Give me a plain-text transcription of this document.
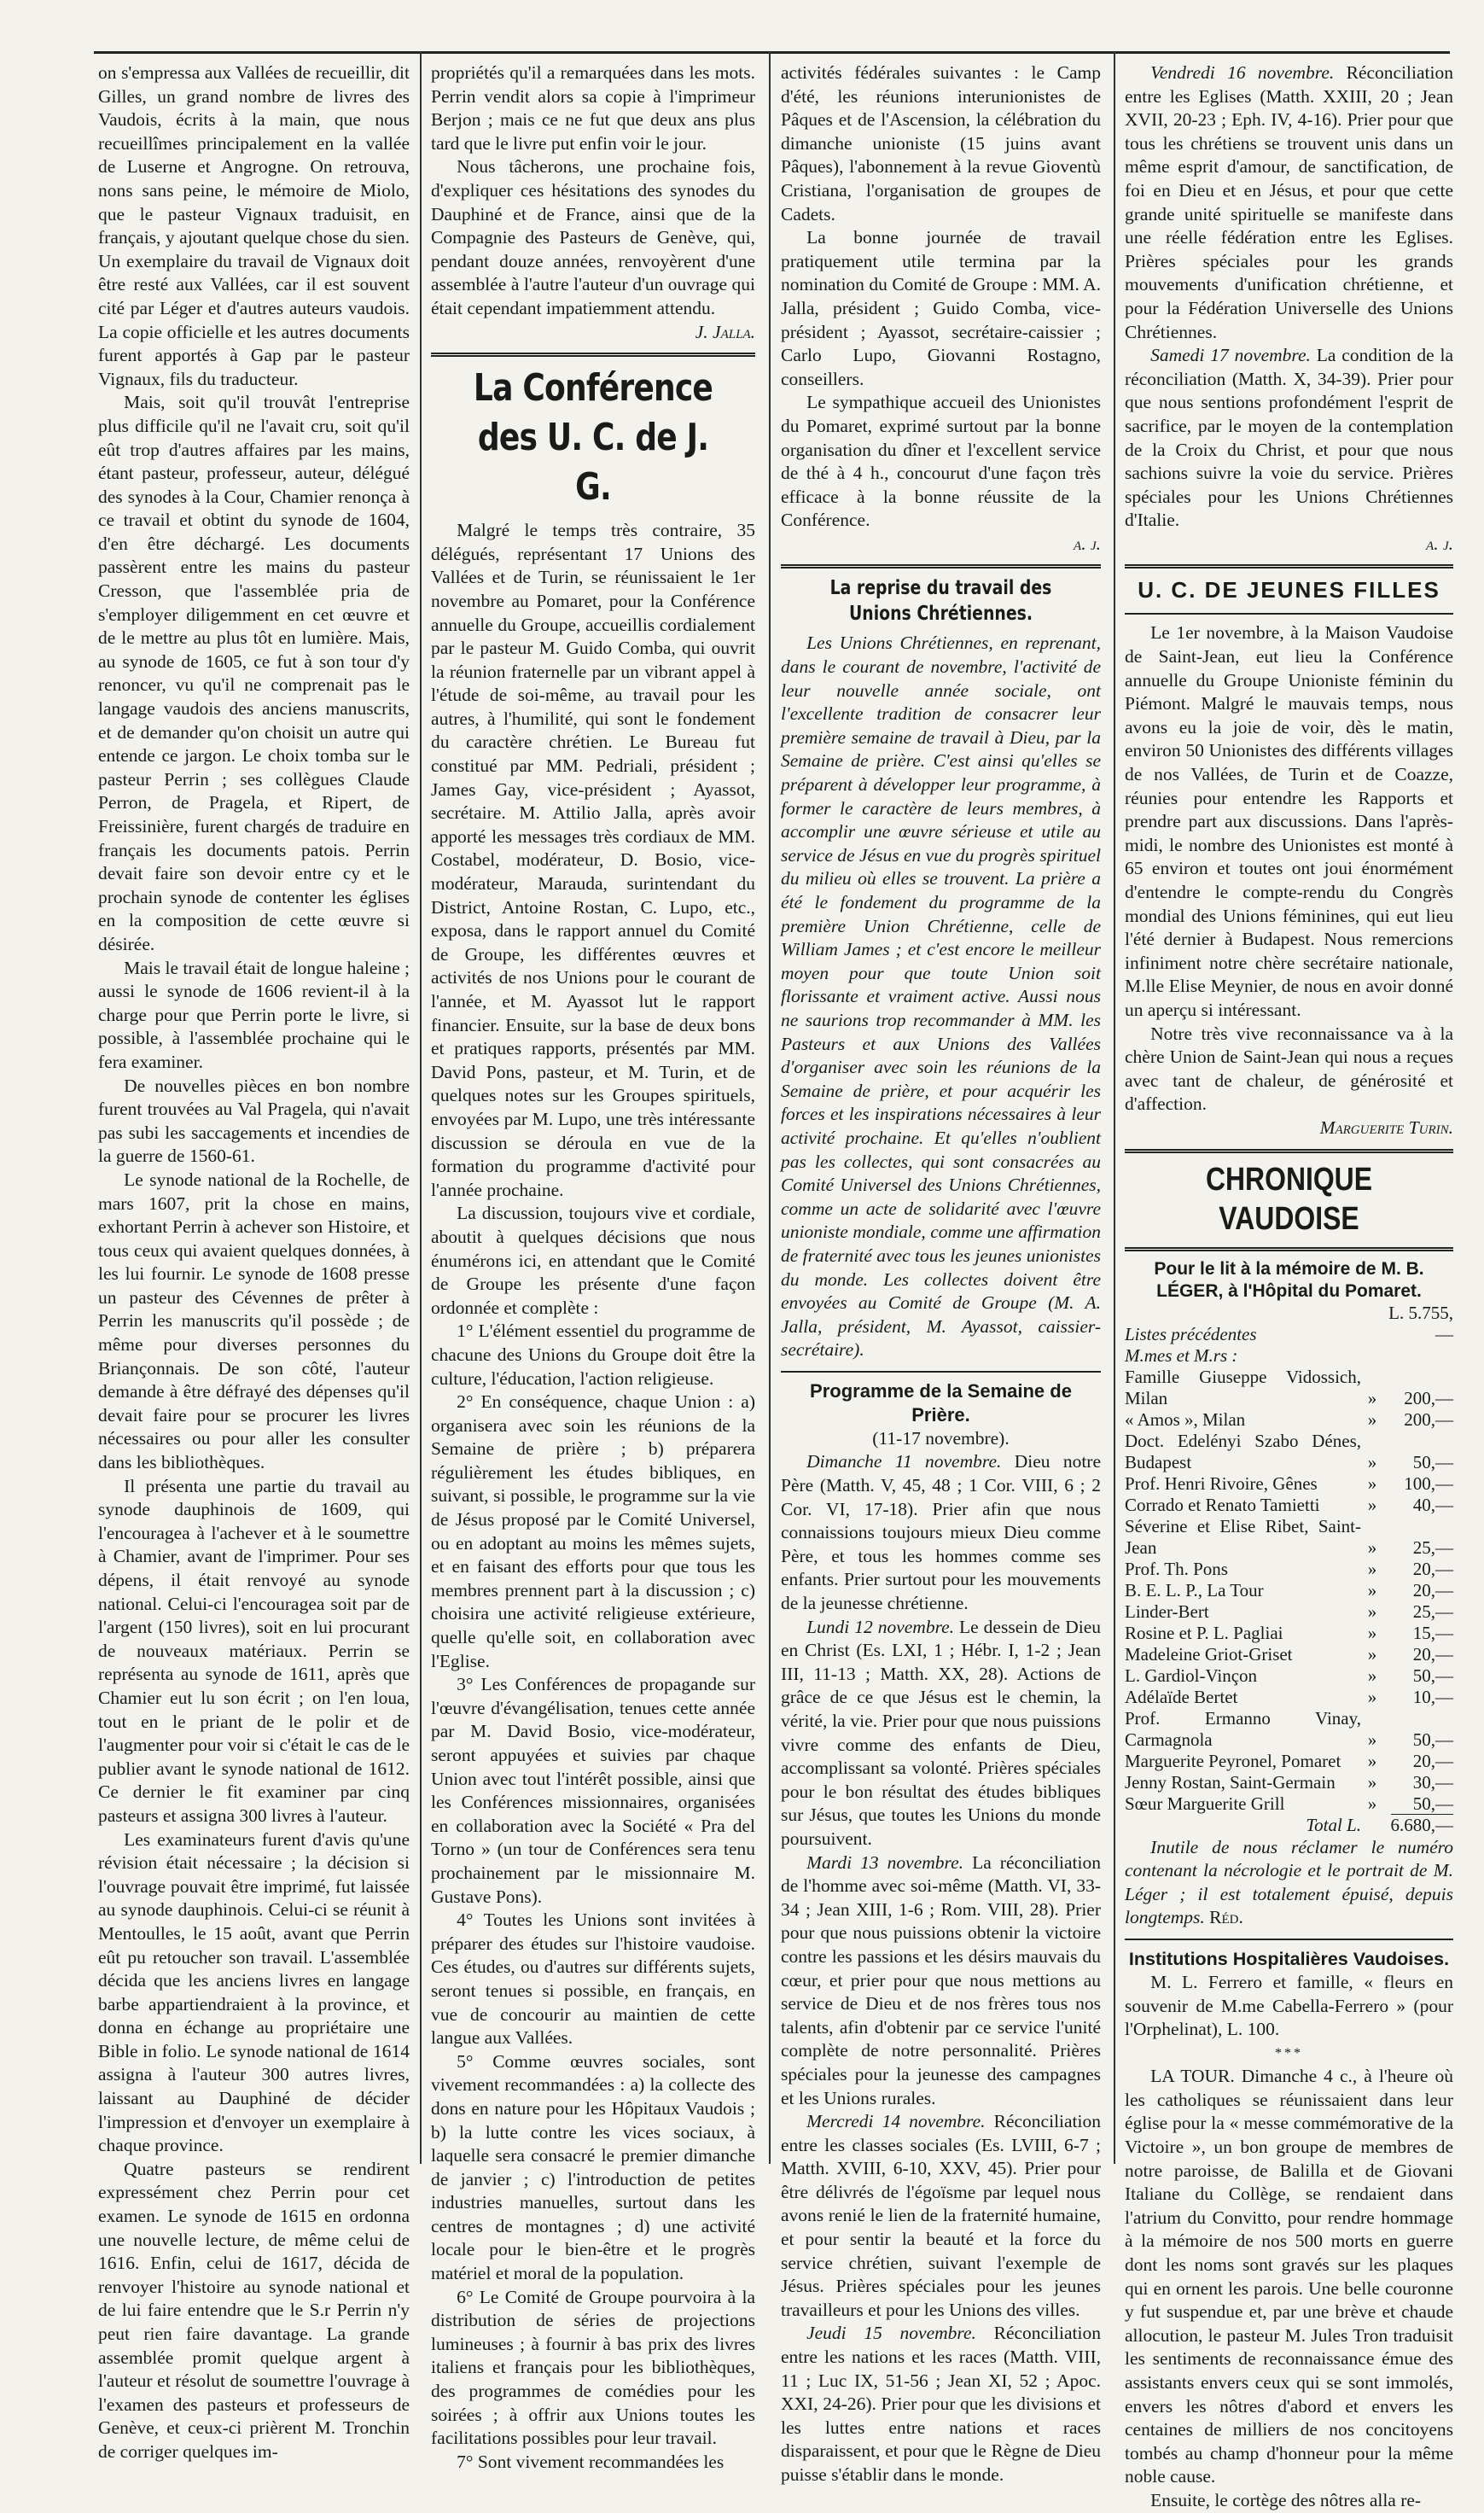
on s'empressa aux Vallées de recueillir, dit Gilles, un grand nombre de livres des Vaudois, écrits à la main, que nous recueillîmes principalement en la vallée de Luserne et Angrogne. On retrouva, nons sans peine, le mémoire de Miolo, que le pasteur Vignaux traduisit, en français, y ajoutant quelque chose du sien. Un exemplaire du travail de Vignaux doit être resté aux Vallées, car il est souvent cité par Léger et d'autres auteurs vaudois. La copie officielle et les autres documents furent apportés à Gap par le pasteur Vignaux, fils du traducteur.

Mais, soit qu'il trouvât l'entreprise plus difficile qu'il ne l'avait cru, soit qu'il eût trop d'autres affaires par les mains, étant pasteur, professeur, auteur, délégué des synodes à la Cour, Chamier renonça à ce travail et obtint du synode de 1604, d'en être déchargé. Les documents passèrent entre les mains du pasteur Cresson, que l'assemblée pria de s'employer diligemment en cet œuvre et de le mettre au plus tôt en lumière. Mais, au synode de 1605, ce fut à son tour d'y renoncer, vu qu'il ne comprenait pas le langage vaudois des anciens manuscrits, et de demander qu'on choisit un autre qui entende ce jargon. Le choix tomba sur le pasteur Perrin ; ses collègues Claude Perron, de Pragela, et Ripert, de Freissinière, furent chargés de traduire en français les documents patois. Perrin devait faire son devoir entre cy et le prochain synode de contenter les églises en la composition de cette œuvre si désirée.

Mais le travail était de longue haleine ; aussi le synode de 1606 revient-il à la charge pour que Perrin porte le livre, si possible, à l'assemblée prochaine qui le fera examiner.

De nouvelles pièces en bon nombre furent trouvées au Val Pragela, qui n'avait pas subi les saccagements et incendies de la guerre de 1560-61.

Le synode national de la Rochelle, de mars 1607, prit la chose en mains, exhortant Perrin à achever son Histoire, et tous ceux qui avaient quelques données, à les lui fournir. Le synode de 1608 presse un pasteur des Cévennes de prêter à Perrin les manuscrits qu'il possède ; de même pour diverses personnes du Briançonnais. De son côté, l'auteur demande à être défrayé des dépenses qu'il devait faire pour se procurer les livres nécessaires ou pour aller les consulter dans les bibliothèques.

Il présenta une partie du travail au synode dauphinois de 1609, qui l'encouragea à l'achever et à le soumettre à Chamier, avant de l'imprimer. Pour ses dépens, il était renvoyé au synode national. Celui-ci l'encouragea soit par de l'argent (150 livres), soit en lui procurant de nouveaux matériaux. Perrin se représenta au synode de 1611, après que Chamier eut lu son écrit ; on l'en loua, tout en le priant de le polir et de l'augmenter pour voir si c'était le cas de le publier avant le synode national de 1612. Ce dernier le fit examiner par cinq pasteurs et assigna 300 livres à l'auteur.

Les examinateurs furent d'avis qu'une révision était nécessaire ; la décision si l'ouvrage pouvait être imprimé, fut laissée au synode dauphinois. Celui-ci se réunit à Mentoulles, le 15 août, avant que Perrin eût pu retoucher son travail. L'assemblée décida que les anciens livres en langage barbe appartiendraient à la province, et donna en échange au propriétaire une Bible in folio. Le synode national de 1614 assigna à l'auteur 300 autres livres, laissant au Dauphiné de décider l'impression et d'envoyer un exemplaire à chaque province.

Quatre pasteurs se rendirent expressément chez Perrin pour cet examen. Le synode de 1615 en ordonna une nouvelle lecture, de même celui de 1616. Enfin, celui de 1617, décida de renvoyer l'histoire au synode national et de lui faire entendre que le S.r Perrin n'y peut rien faire davantage. La grande assemblée promit quelque argent à l'auteur et résolut de soumettre l'ouvrage à l'examen des pasteurs et professeurs de Genève, et ceux-ci prièrent M. Tronchin de corriger quelques im-

propriétés qu'il a remarquées dans les mots. Perrin vendit alors sa copie à l'imprimeur Berjon ; mais ce ne fut que deux ans plus tard que le livre put enfin voir le jour.

Nous tâcherons, une prochaine fois, d'expliquer ces hésitations des synodes du Dauphiné et de France, ainsi que de la Compagnie des Pasteurs de Genève, qui, pendant douze années, renvoyèrent d'une assemblée à l'autre l'auteur d'un ouvrage qui était cependant impatiemment attendu.

J. Jalla.

La Conférence des U. C. de J. G.

Malgré le temps très contraire, 35 délégués, représentant 17 Unions des Vallées et de Turin, se réunissaient le 1er novembre au Pomaret, pour la Conférence annuelle du Groupe, accueillis cordialement par le pasteur M. Guido Comba, qui ouvrit la réunion fraternelle par un vibrant appel à l'étude de soi-même, au travail pour les autres, à l'humilité, qui sont le fondement du caractère chrétien. Le Bureau fut constitué par MM. Pedriali, président ; James Gay, vice-président ; Ayassot, secrétaire. M. Attilio Jalla, après avoir apporté les messages très cordiaux de MM. Costabel, modérateur, D. Bosio, vice-modérateur, Marauda, surintendant du District, Antoine Rostan, C. Lupo, etc., exposa, dans le rapport annuel du Comité de Groupe, les différentes œuvres et activités de nos Unions pour le courant de l'année, et M. Ayassot lut le rapport financier. Ensuite, sur la base de deux bons et pratiques rapports, présentés par MM. David Pons, pasteur, et M. Turin, et de quelques notes sur les Groupes spirituels, envoyées par M. Lupo, une très intéressante discussion se déroula en vue de la formation du programme d'activité pour l'année prochaine.

La discussion, toujours vive et cordiale, aboutit à quelques décisions que nous énumérons ici, en attendant que le Comité de Groupe les présente d'une façon ordonnée et complète :

1° L'élément essentiel du programme de chacune des Unions du Groupe doit être la culture, l'éducation, l'action religieuse.

2° En conséquence, chaque Union : a) organisera avec soin les réunions de la Semaine de prière ; b) préparera régulièrement les études bibliques, en suivant, si possible, le programme sur la vie de Jésus proposé par le Comité Universel, ou en adoptant au moins les mêmes sujets, et en faisant des efforts pour que tous les membres prennent part à la discussion ; c) choisira une activité religieuse extérieure, quelle qu'elle soit, en collaboration avec l'Eglise.

3° Les Conférences de propagande sur l'œuvre d'évangélisation, tenues cette année par M. David Bosio, vice-modérateur, seront appuyées et suivies par chaque Union avec tout l'intérêt possible, ainsi que les Conférences missionnaires, organisées en collaboration avec la Société « Pra del Torno » (un tour de Conférences sera tenu prochainement par le missionnaire M. Gustave Pons).

4° Toutes les Unions sont invitées à préparer des études sur l'histoire vaudoise. Ces études, ou d'autres sur différents sujets, seront tenues si possible, en français, en vue de concourir au maintien de cette langue aux Vallées.

5° Comme œuvres sociales, sont vivement recommandées : a) la collecte des dons en nature pour les Hôpitaux Vaudois ; b) la lutte contre les vices sociaux, à laquelle sera consacré le premier dimanche de janvier ; c) l'introduction de petites industries manuelles, surtout dans les centres de montagnes ; d) une activité locale pour le bien-être et le progrès matériel et moral de la population.

6° Le Comité de Groupe pourvoira à la distribution de séries de projections lumineuses ; à fournir à bas prix des livres italiens et français pour les bibliothèques, des programmes de comédies pour les soirées ; à offrir aux Unions toutes les facilitations possibles pour leur travail.

7° Sont vivement recommandées les

activités fédérales suivantes : le Camp d'été, les réunions interunionistes de Pâques et de l'Ascension, la célébration du dimanche unioniste (15 juins avant Pâques), l'abonnement à la revue Gioventù Cristiana, l'organisation de groupes de Cadets.

La bonne journée de travail pratiquement utile termina par la nomination du Comité de Groupe : MM. A. Jalla, président ; Guido Comba, vice-président ; Ayassot, secrétaire-caissier ; Carlo Lupo, Giovanni Rostagno, conseillers.

Le sympathique accueil des Unionistes du Pomaret, exprimé surtout par la bonne organisation du dîner et l'excellent service de thé à 4 h., concourut d'une façon très efficace à la bonne réussite de la Conférence.

a. j.

La reprise du travail des Unions Chrétiennes.

Les Unions Chrétiennes, en reprenant, dans le courant de novembre, l'activité de leur nouvelle année sociale, ont l'excellente tradition de consacrer leur première semaine de travail à Dieu, par la Semaine de prière. C'est ainsi qu'elles se préparent à développer leur programme, à former le caractère de leurs membres, à accomplir une œuvre sérieuse et utile au service de Jésus en vue du progrès spirituel du milieu où elles se trouvent. La prière a été le fondement du programme de la première Union Chrétienne, celle de William James ; et c'est encore le meilleur moyen pour que toute Union soit florissante et vraiment active. Aussi nous ne saurions trop recommander à MM. les Pasteurs et aux Unions des Vallées d'organiser avec soin les réunions de la Semaine de prière, et pour acquérir les forces et les inspirations nécessaires à leur activité prochaine. Et qu'elles n'oublient pas les collectes, qui sont consacrées au Comité Universel des Unions Chrétiennes, comme un acte de solidarité avec l'œuvre unioniste mondiale, comme une affirmation de fraternité avec tous les jeunes unionistes du monde. Les collectes doivent être envoyées au Comité de Groupe (M. A. Jalla, président, M. Ayassot, caissier-secrétaire).

Programme de la Semaine de Prière.
(11-17 novembre).

Dimanche 11 novembre. Dieu notre Père (Matth. V, 45, 48 ; 1 Cor. VIII, 6 ; 2 Cor. VI, 17-18). Prier afin que nous connaissions toujours mieux Dieu comme Père, et tous les hommes comme ses enfants. Prier surtout pour les mouvements de la jeunesse chrétienne.

Lundi 12 novembre. Le dessein de Dieu en Christ (Es. LXI, 1 ; Hébr. I, 1-2 ; Jean III, 11-13 ; Matth. XX, 28). Actions de grâce de ce que Jésus est le chemin, la vérité, la vie. Prier pour que nous puissions vivre comme des enfants de Dieu, accomplissant sa volonté. Prières spéciales pour le bon résultat des études bibliques sur Jésus, que toutes les Unions du monde poursuivent.

Mardi 13 novembre. La réconciliation de l'homme avec soi-même (Matth. VI, 33-34 ; Jean XIII, 1-6 ; Rom. VIII, 28). Prier pour que nous puissions obtenir la victoire contre les passions et les désirs mauvais du cœur, et prier pour que nous mettions au service de Dieu et de nos frères tous nos talents, afin d'obtenir par ce service l'unité complète de notre personnalité. Prières spéciales pour la jeunesse des campagnes et les Unions rurales.

Mercredi 14 novembre. Réconciliation entre les classes sociales (Es. LVIII, 6-7 ; Matth. XVIII, 6-10, XXV, 45). Prier pour être délivrés de l'égoïsme par lequel nous avons renié le lien de la fraternité humaine, et pour sentir la beauté et la force du service chrétien, suivant l'exemple de Jésus. Prières spéciales pour les jeunes travailleurs et pour les Unions des villes.

Jeudi 15 novembre. Réconciliation entre les nations et les races (Matth. VIII, 11 ; Luc IX, 51-56 ; Jean XI, 52 ; Apoc. XXI, 24-26). Prier pour que les divisions et les luttes entre nations et races disparaissent, et pour que le Règne de Dieu puisse s'établir dans le monde.

Vendredi 16 novembre. Réconciliation entre les Eglises (Matth. XXIII, 20 ; Jean XVII, 20-23 ; Eph. IV, 4-16). Prier pour que tous les chrétiens se trouvent unis dans un même esprit d'amour, de sanctification, de foi en Dieu et en Jésus, et pour que cette grande unité spirituelle se manifeste dans une réelle fédération entre les Eglises. Prières spéciales pour les grands mouvements d'unification chrétienne, et pour la Fédération Universelle des Unions Chrétiennes.

Samedi 17 novembre. La condition de la réconciliation (Matth. X, 34-39). Prier pour que nous sentions profondément l'esprit de sacrifice, par le moyen de la contemplation de la Croix du Christ, et pour que nous sachions suivre la voie du service. Prières spéciales pour les Unions Chrétiennes d'Italie.

a. j.

U. C. DE JEUNES FILLES

Le 1er novembre, à la Maison Vaudoise de Saint-Jean, eut lieu la Conférence annuelle du Groupe Unioniste féminin du Piémont. Malgré le mauvais temps, nous avons eu la joie de voir, dès le matin, environ 50 Unionistes des différents villages de nos Vallées, de Turin et de Coazze, réunies pour entendre les Rapports et prendre part aux discussions. Dans l'après-midi, le nombre des Unionistes est monté à 65 environ et toutes ont joui énormément d'entendre le compte-rendu du Congrès mondial des Unions féminines, qui eut lieu l'été dernier à Budapest. Nous remercions infiniment notre chère secrétaire nationale, M.lle Elise Meynier, de nous en avoir donné un aperçu si intéressant.

Notre très vive reconnaissance va à la chère Union de Saint-Jean qui nous a reçues avec tant de chaleur, de générosité et d'affection.

Marguerite Turin.

CHRONIQUE VAUDOISE
Pour le lit à la mémoire de M. B. LÉGER, à l'Hôpital du Pomaret.
Listes précédentes		L. 5.755,—
M.mes et M.rs :		
Famille Giuseppe Vidossich, Milan	»	200,—
« Amos », Milan	»	200,—
Doct. Edelényi Szabo Dénes, Budapest	»	50,—
Prof. Henri Rivoire, Gênes	»	100,—
Corrado et Renato Tamietti	»	40,—
Séverine et Elise Ribet, Saint-Jean	»	25,—
Prof. Th. Pons	»	20,—
B. E. L. P., La Tour	»	20,—
Linder-Bert	»	25,—
Rosine et P. L. Pagliai	»	15,—
Madeleine Griot-Griset	»	20,—
L. Gardiol-Vinçon	»	50,—
Adélaïde Bertet	»	10,—
Prof. Ermanno Vinay, Carmagnola	»	50,—
Marguerite Peyronel, Pomaret	»	20,—
Jenny Rostan, Saint-Germain	»	30,—
Sœur Marguerite Grill	»	50,—
Total L.		6.680,—

Inutile de nous réclamer le numéro contenant la nécrologie et le portrait de M. Léger ; il est totalement épuisé, depuis longtemps. Réd.

Institutions Hospitalières Vaudoises.

M. L. Ferrero et famille, « fleurs en souvenir de M.me Cabella-Ferrero » (pour l'Orphelinat), L. 100.

***

LA TOUR. Dimanche 4 c., à l'heure où les catholiques se réunissaient dans leur église pour la « messe commémorative de la Victoire », un bon groupe de membres de notre paroisse, de Balilla et de Giovani Italiane du Collège, se rendaient dans l'atrium du Convitto, pour rendre hommage à la mémoire de nos 500 morts en guerre dont les noms sont gravés sur les plaques qui en ornent les parois. Une belle couronne y fut suspendue et, par une brève et chaude allocution, le pasteur M. Jules Tron traduisit les sentiments de reconnaissance émue des assistants envers ceux qui se sont immolés, envers les nôtres d'abord et envers les centaines de milliers de nos concitoyens tombés au champ d'honneur pour la même noble cause.

Ensuite, le cortège des nôtres alla re-
